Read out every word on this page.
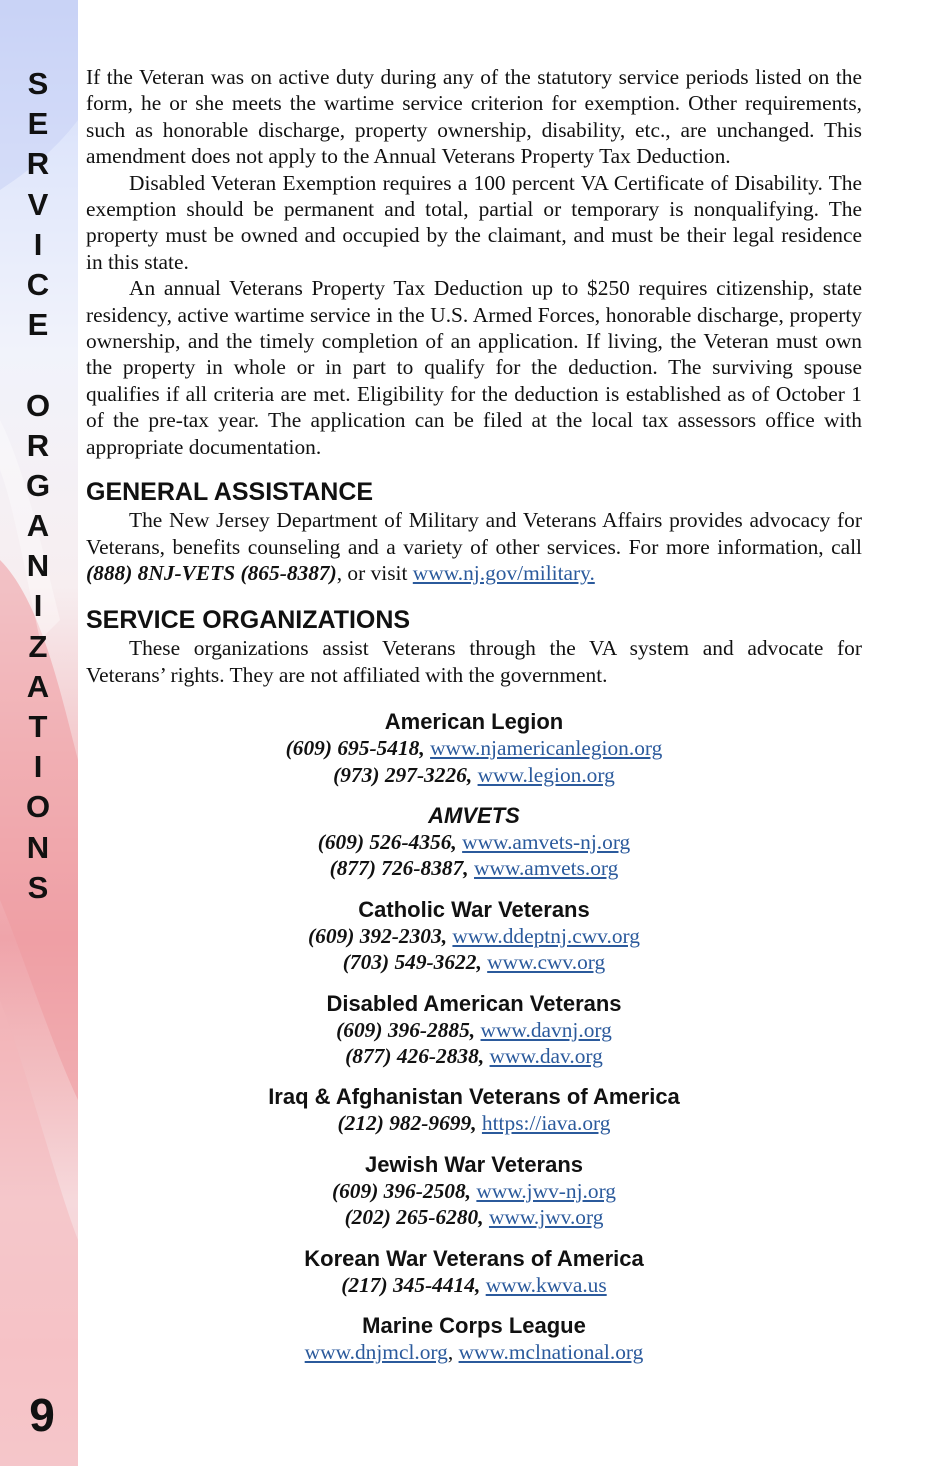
S
E
R
V
I
C
E
O
R
G
A
N
I
Z
A
T
I
O
N
S
9

If the Veteran was on active duty during any of the statutory service periods listed on the form, he or she meets the wartime service criterion for exemption. Other requirements, such as honorable discharge, property ownership, disability, etc., are unchanged. This amendment does not apply to the Annual Veterans Property Tax Deduction.

Disabled Veteran Exemption requires a 100 percent VA Certificate of Disability. The exemption should be permanent and total, partial or temporary is nonqualifying. The property must be owned and occupied by the claimant, and must be their legal residence in this state.

An annual Veterans Property Tax Deduction up to $250 requires citizenship, state residency, active wartime service in the U.S. Armed Forces, honorable discharge, property ownership, and the timely completion of an application. If living, the Veteran must own the property in whole or in part to qualify for the deduction. The surviving spouse qualifies if all criteria are met. Eligibility for the deduction is established as of October 1 of the pre-tax year. The application can be filed at the local tax assessors office with appropriate documentation.

GENERAL ASSISTANCE

The New Jersey Department of Military and Veterans Affairs provides advocacy for Veterans, benefits counseling and a variety of other services. For more information, call (888) 8NJ-VETS (865-8387), or visit www.nj.gov/military.

SERVICE ORGANIZATIONS

These organizations assist Veterans through the VA system and advocate for Veterans’ rights. They are not affiliated with the government.

American Legion
(609) 695-5418, www.njamericanlegion.org
(973) 297-3226, www.legion.org
AMVETS
(609) 526-4356, www.amvets-nj.org
(877) 726-8387, www.amvets.org
Catholic War Veterans
(609) 392-2303, www.ddeptnj.cwv.org
(703) 549-3622, www.cwv.org
Disabled American Veterans
(609) 396-2885, www.davnj.org
(877) 426-2838, www.dav.org
Iraq & Afghanistan Veterans of America
(212) 982-9699, https://iava.org
Jewish War Veterans
(609) 396-2508, www.jwv-nj.org
(202) 265-6280, www.jwv.org
Korean War Veterans of America
(217) 345-4414, www.kwva.us
Marine Corps League
www.dnjmcl.org, www.mclnational.org
